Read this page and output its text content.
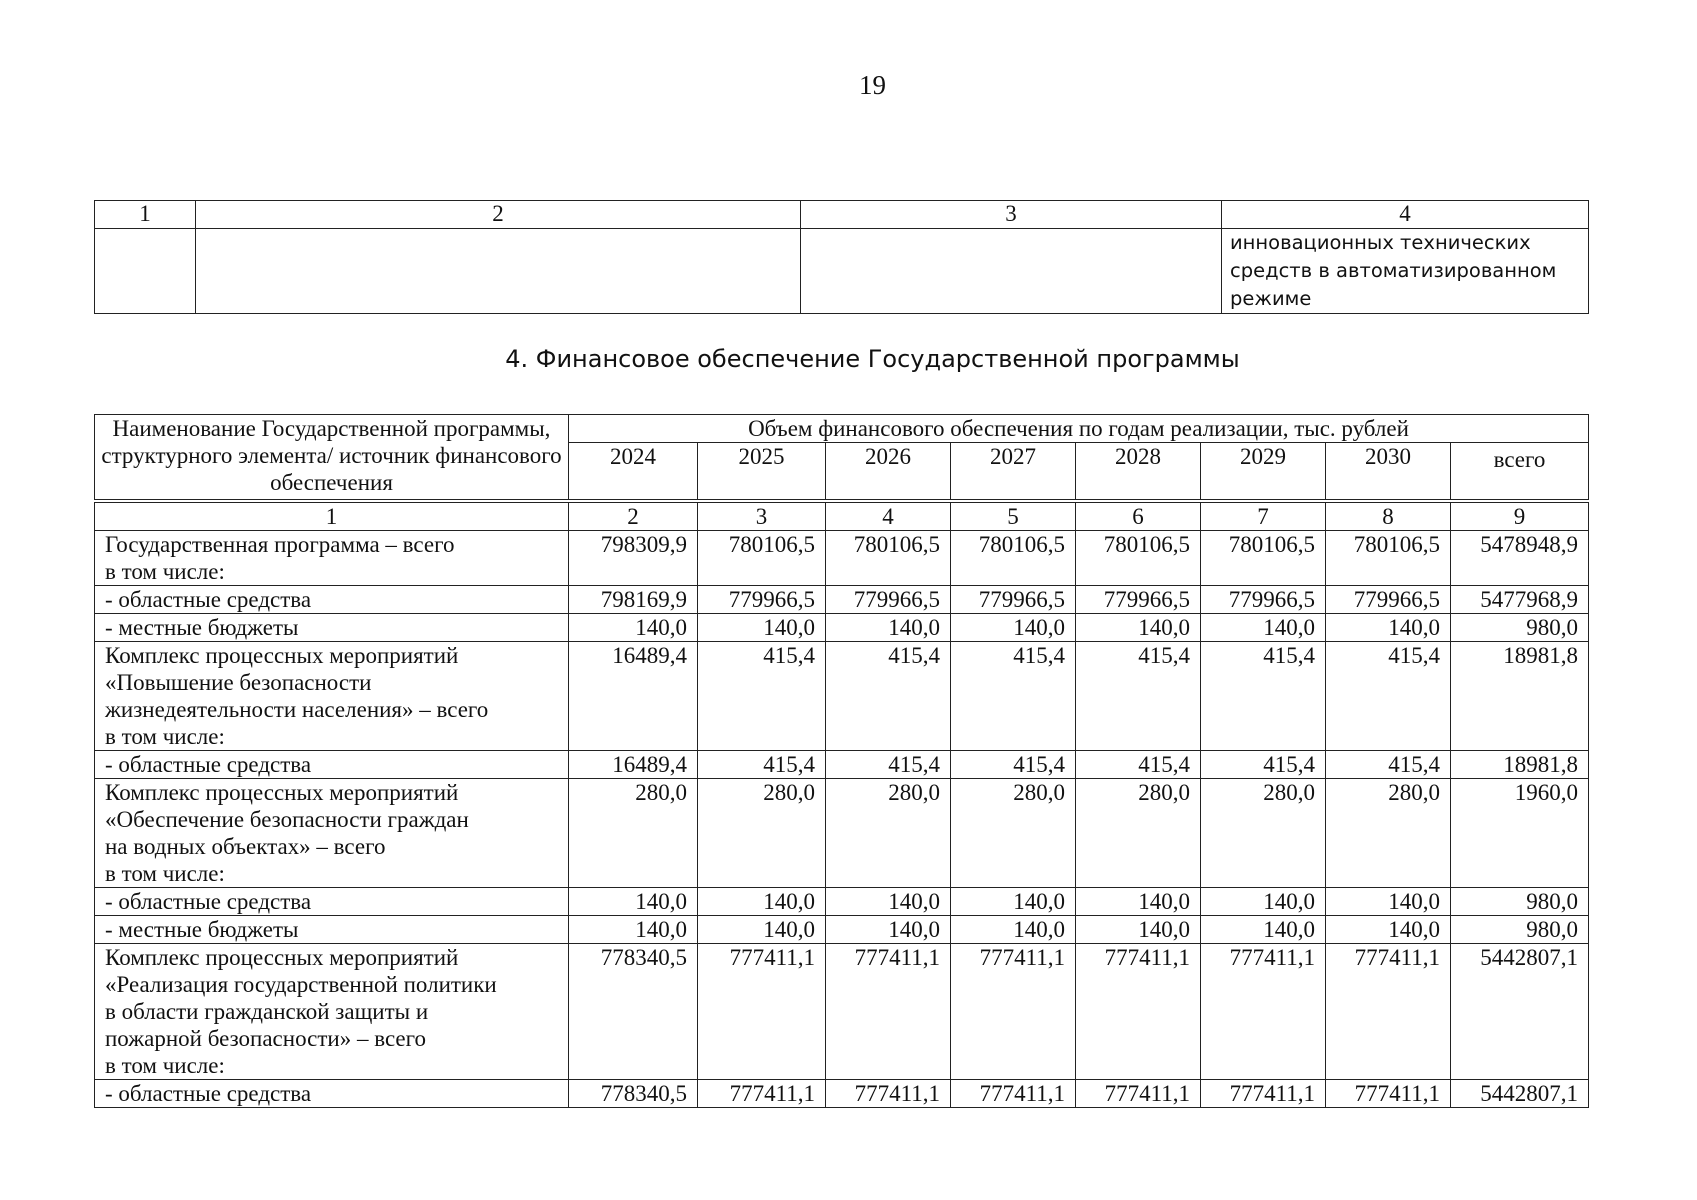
19
1	2	3	4
			инновационных технических средств в автоматизированном режиме
4. Финансовое обеспечение Государственной программы
Наименование Государственной программы, структурного элемента/ источник финансового обеспечения	Объем финансового обеспечения по годам реализации, тыс. рублей							
	2024	2025	2026	2027	2028	2029	2030	всего
1	2	3	4	5	6	7	8	9
Государственная программа – всего
в том числе:	798309,9	780106,5	780106,5	780106,5	780106,5	780106,5	780106,5	5478948,9
- областные средства	798169,9	779966,5	779966,5	779966,5	779966,5	779966,5	779966,5	5477968,9
- местные бюджеты	140,0	140,0	140,0	140,0	140,0	140,0	140,0	980,0
Комплекс процессных мероприятий
«Повышение безопасности
жизнедеятельности населения» – всего
в том числе:	16489,4	415,4	415,4	415,4	415,4	415,4	415,4	18981,8
- областные средства	16489,4	415,4	415,4	415,4	415,4	415,4	415,4	18981,8
Комплекс процессных мероприятий
«Обеспечение безопасности граждан
на водных объектах» – всего
в том числе:	280,0	280,0	280,0	280,0	280,0	280,0	280,0	1960,0
- областные средства	140,0	140,0	140,0	140,0	140,0	140,0	140,0	980,0
- местные бюджеты	140,0	140,0	140,0	140,0	140,0	140,0	140,0	980,0
Комплекс процессных мероприятий
«Реализация государственной политики
в области гражданской защиты и
пожарной безопасности» – всего
в том числе:	778340,5	777411,1	777411,1	777411,1	777411,1	777411,1	777411,1	5442807,1
- областные средства	778340,5	777411,1	777411,1	777411,1	777411,1	777411,1	777411,1	5442807,1
